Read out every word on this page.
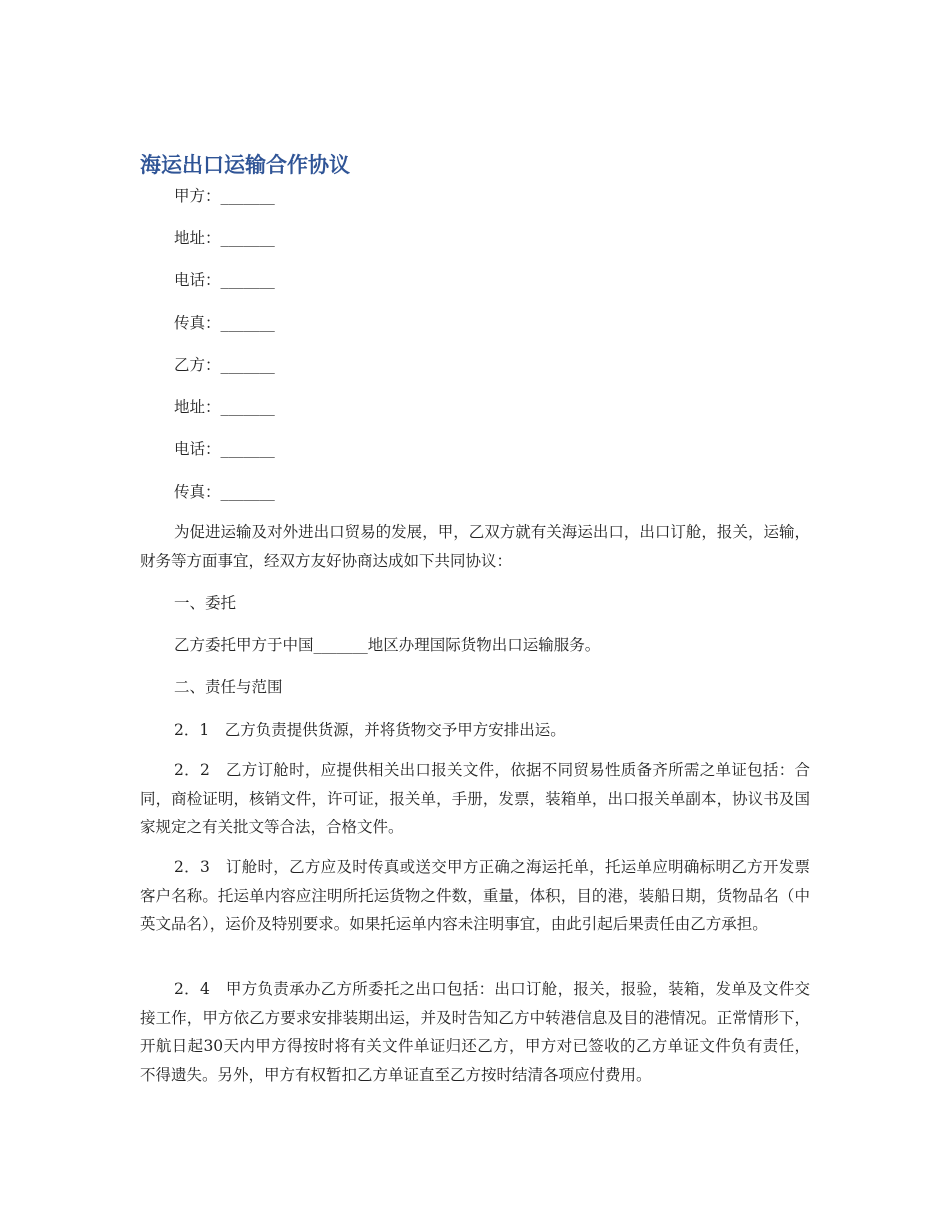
海运出口运输合作协议
甲方：_______
地址：_______
电话：_______
传真：_______
乙方：_______
地址：_______
电话：_______
传真：_______

为促进运输及对外进出口贸易的发展，甲，乙双方就有关海运出口，出口订舱，报关，运输，财务等方面事宜，经双方友好协商达成如下共同协议：

一、委托

乙方委托甲方于中国_______地区办理国际货物出口运输服务。

二、责任与范围

2．1　乙方负责提供货源，并将货物交予甲方安排出运。

2．2　乙方订舱时，应提供相关出口报关文件，依据不同贸易性质备齐所需之单证包括：合同，商检证明，核销文件，许可证，报关单，手册，发票，装箱单，出口报关单副本，协议书及国家规定之有关批文等合法，合格文件。

2．3　订舱时，乙方应及时传真或送交甲方正确之海运托单，托运单应明确标明乙方开发票客户名称。托运单内容应注明所托运货物之件数，重量，体积，目的港，装船日期，货物品名（中英文品名），运价及特别要求。如果托运单内容未注明事宜，由此引起后果责任由乙方承担。

2．4　甲方负责承办乙方所委托之出口包括：出口订舱，报关，报验，装箱，发单及文件交接工作，甲方依乙方要求安排装期出运，并及时告知乙方中转港信息及目的港情况。正常情形下，开航日起30天内甲方得按时将有关文件单证归还乙方，甲方对已签收的乙方单证文件负有责任，不得遗失。另外，甲方有权暂扣乙方单证直至乙方按时结清各项应付费用。
